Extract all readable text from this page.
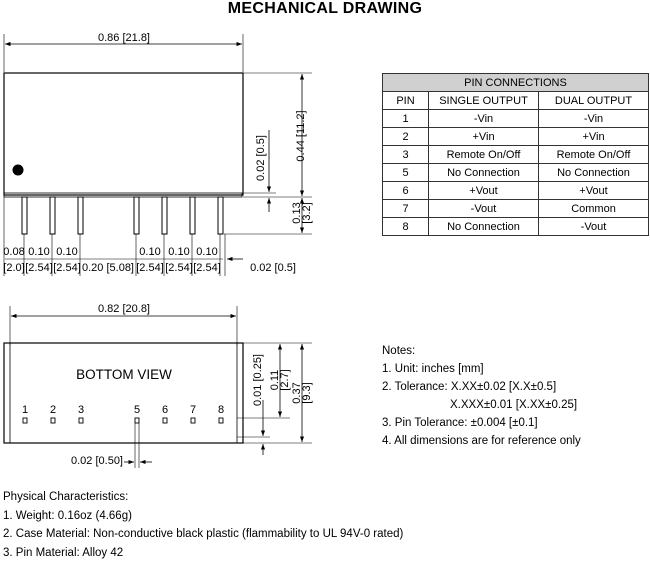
MECHANICAL DRAWING
0.86 [21.8]
0.44 [11.2]
0.02 [0.5]
0.13
[3.2]
0.08 0.10 0.10	0.10 0.10 0.10
[2.0] [2.54] [2.54] 0.20 [5.08] [2.54] [2.54] [2.54]	0.02 [0.5]
0.82 [20.8]
BOTTOM VIEW
1 2 3	5 6 7 8
0.37
[9.3]
0.11
[2.7]
0.01 [0.25]
0.02 [0.50]
PIN CONNECTIONS		
PIN	SINGLE OUTPUT	DUAL OUTPUT
1	-Vin	-Vin
2	+Vin	+Vin
3	Remote On/Off	Remote On/Off
5	No Connection	No Connection
6	+Vout	+Vout
7	-Vout	Common
8	No Connection	-Vout
Notes:
1. Unit: inches [mm]
2. Tolerance: X.XX±0.02 [X.X±0.5]
X.XXX±0.01 [X.XX±0.25]
3. Pin Tolerance: ±0.004 [±0.1]
4. All dimensions are for reference only
Physical Characteristics:
1. Weight: 0.16oz (4.66g)
2. Case Material: Non-conductive black plastic (flammability to UL 94V-0 rated)
3. Pin Material: Alloy 42
